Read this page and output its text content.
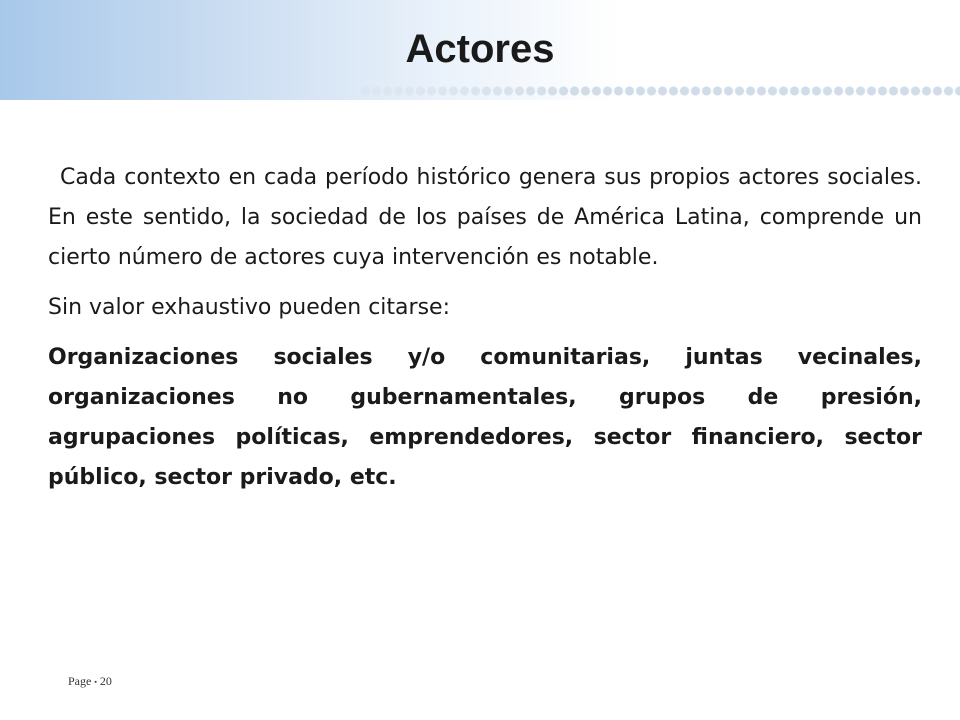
Actores

Cada contexto en cada período histórico genera sus propios actores sociales. En este sentido, la sociedad de los países de América Latina, comprende un cierto número de actores cuya intervención es notable.

Sin valor exhaustivo pueden citarse:

Organizaciones sociales y/o comunitarias, juntas vecinales, organizaciones no gubernamentales, grupos de presión, agrupaciones políticas, emprendedores, sector financiero, sector público, sector privado, etc.

Page ▪ 20
